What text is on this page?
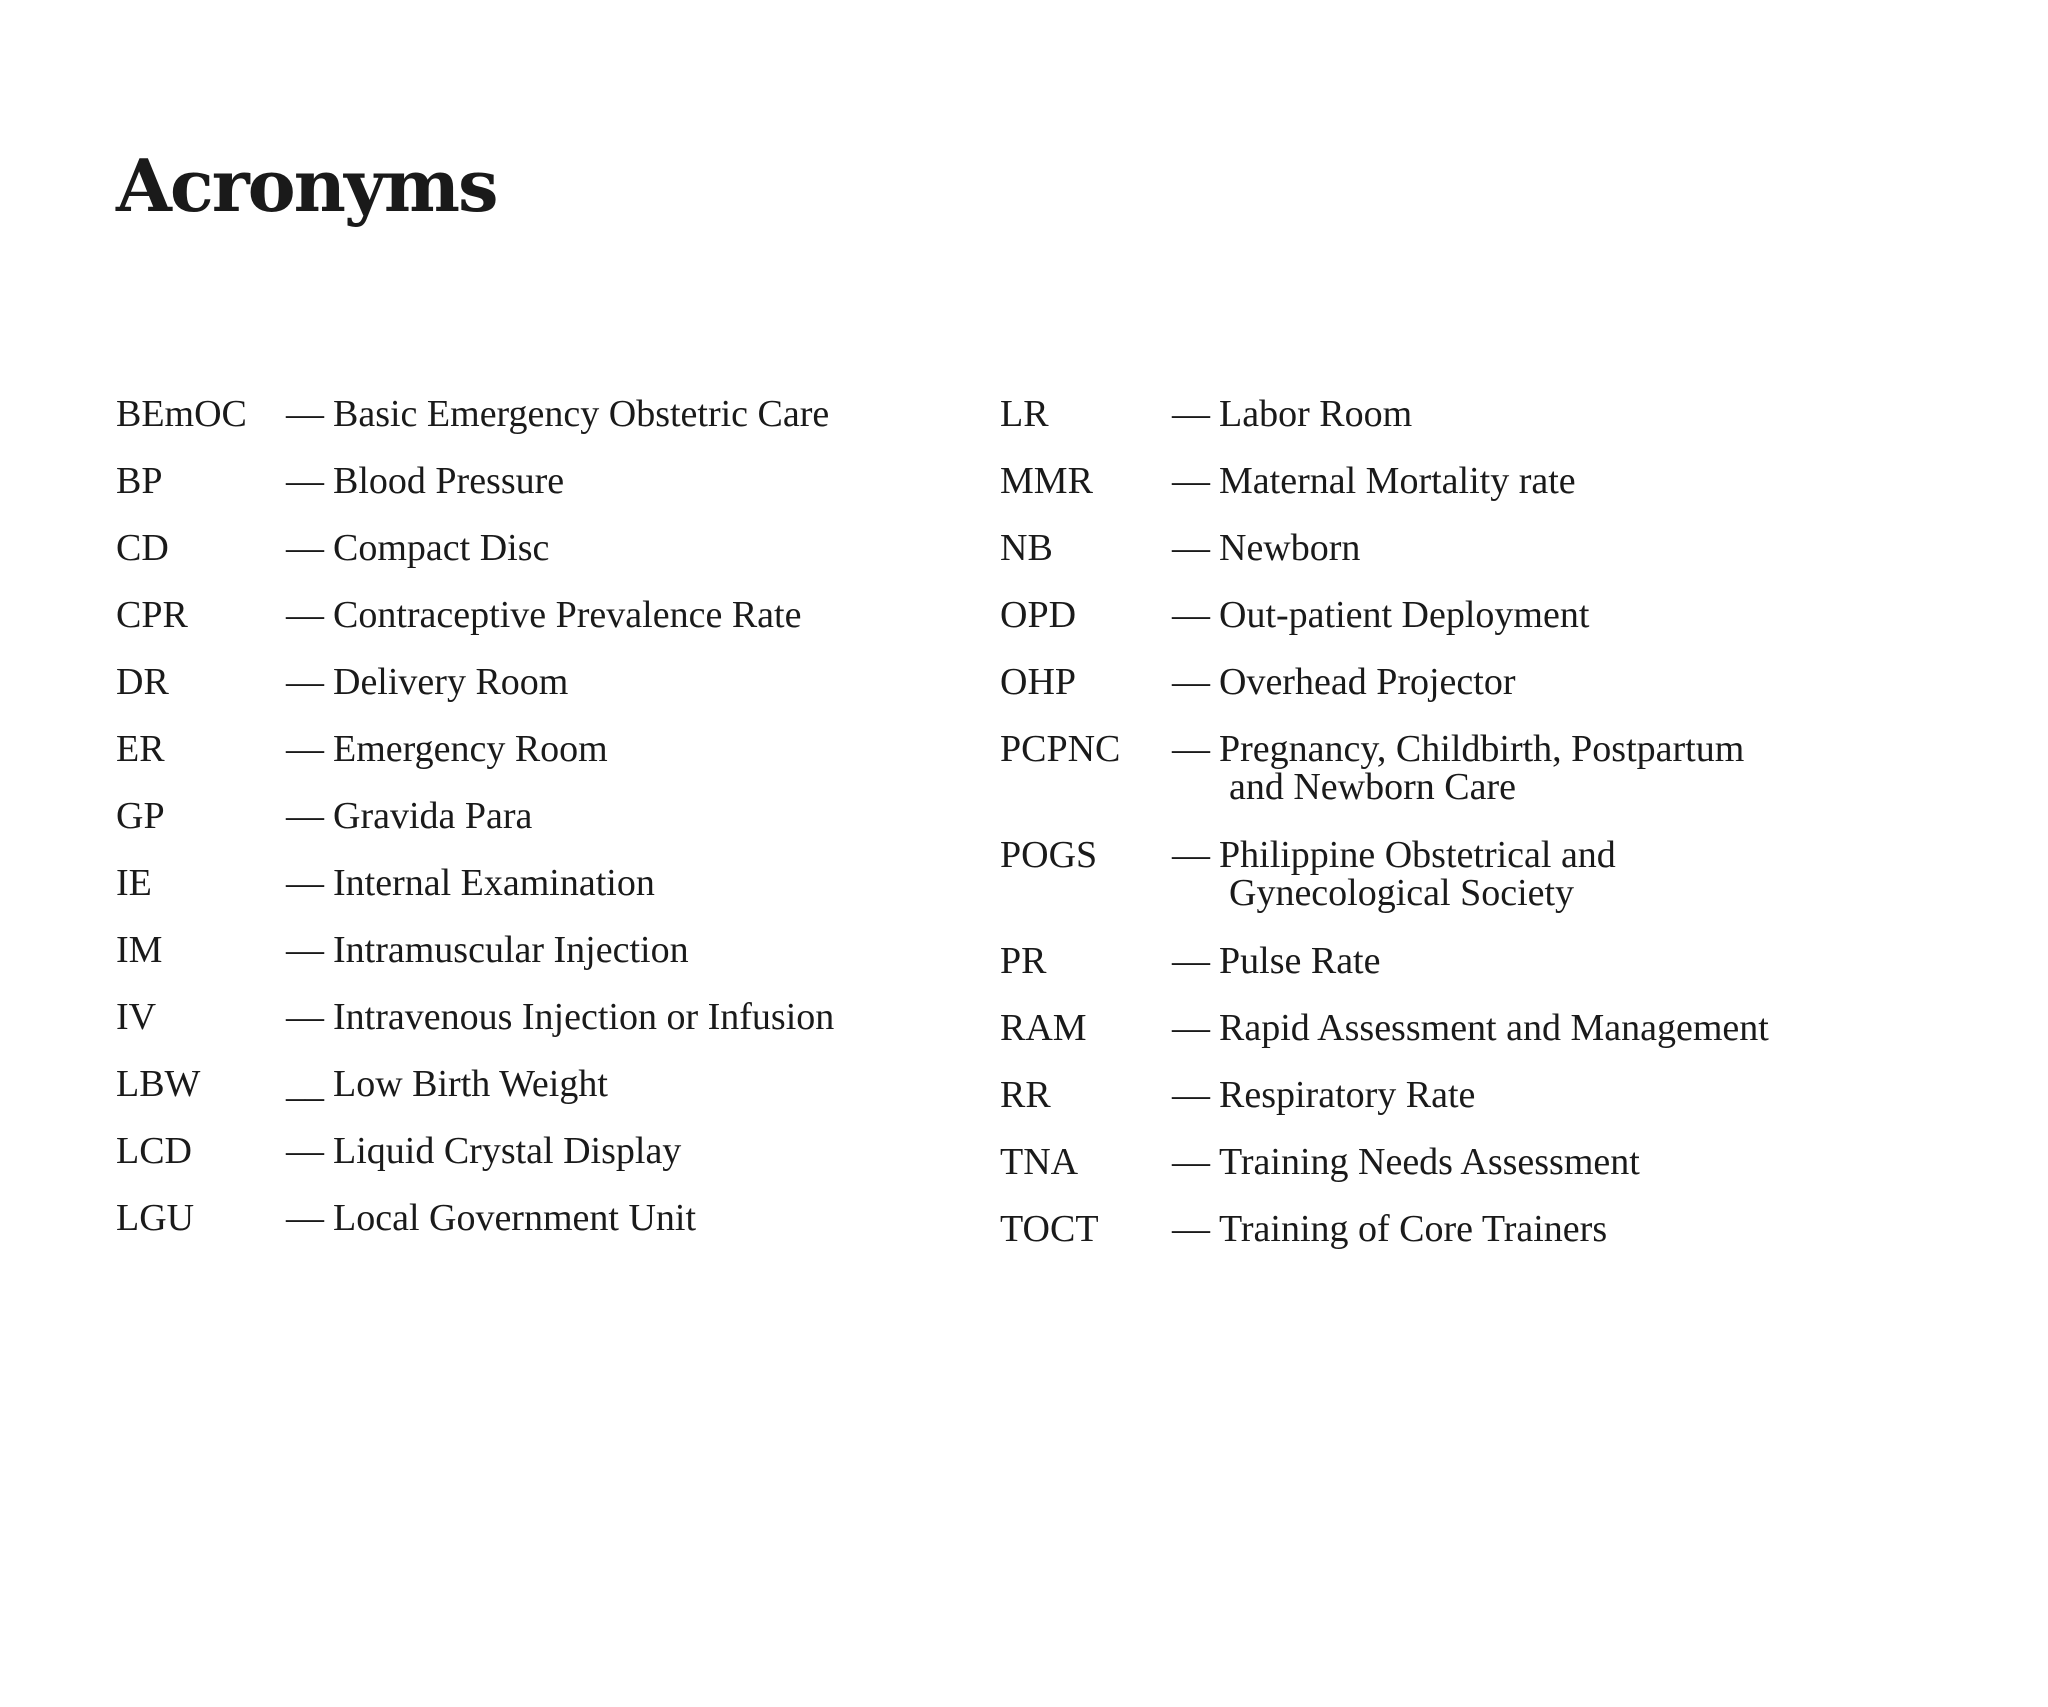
Acronyms
BEmOC — Basic Emergency Obstetric Care
BP	— Blood Pressure
CD	— Compact Disc
CPR	— Contraceptive Prevalence Rate
DR	— Delivery Room
ER	— Emergency Room
GP	— Gravida Para
IE	— Internal Examination
IM	— Intramuscular Injection
IV	— Intravenous Injection or Infusion
LBW __ Low Birth Weight
LCD — Liquid Crystal Display
LGU — Local Government Unit
LR	— Labor Room
MMR — Maternal Mortality rate
NB	— Newborn
OPD	— Out-patient Deployment
OHP	— Overhead Projector
PCPNC — Pregnancy, Childbirth, Postpartum
and Newborn Care
POGS — Philippine Obstetrical and
Gynecological Society
PR	— Pulse Rate
RAM — Rapid Assessment and Management
RR	— Respiratory Rate
TNA — Training Needs Assessment
TOCT — Training of Core Trainers
